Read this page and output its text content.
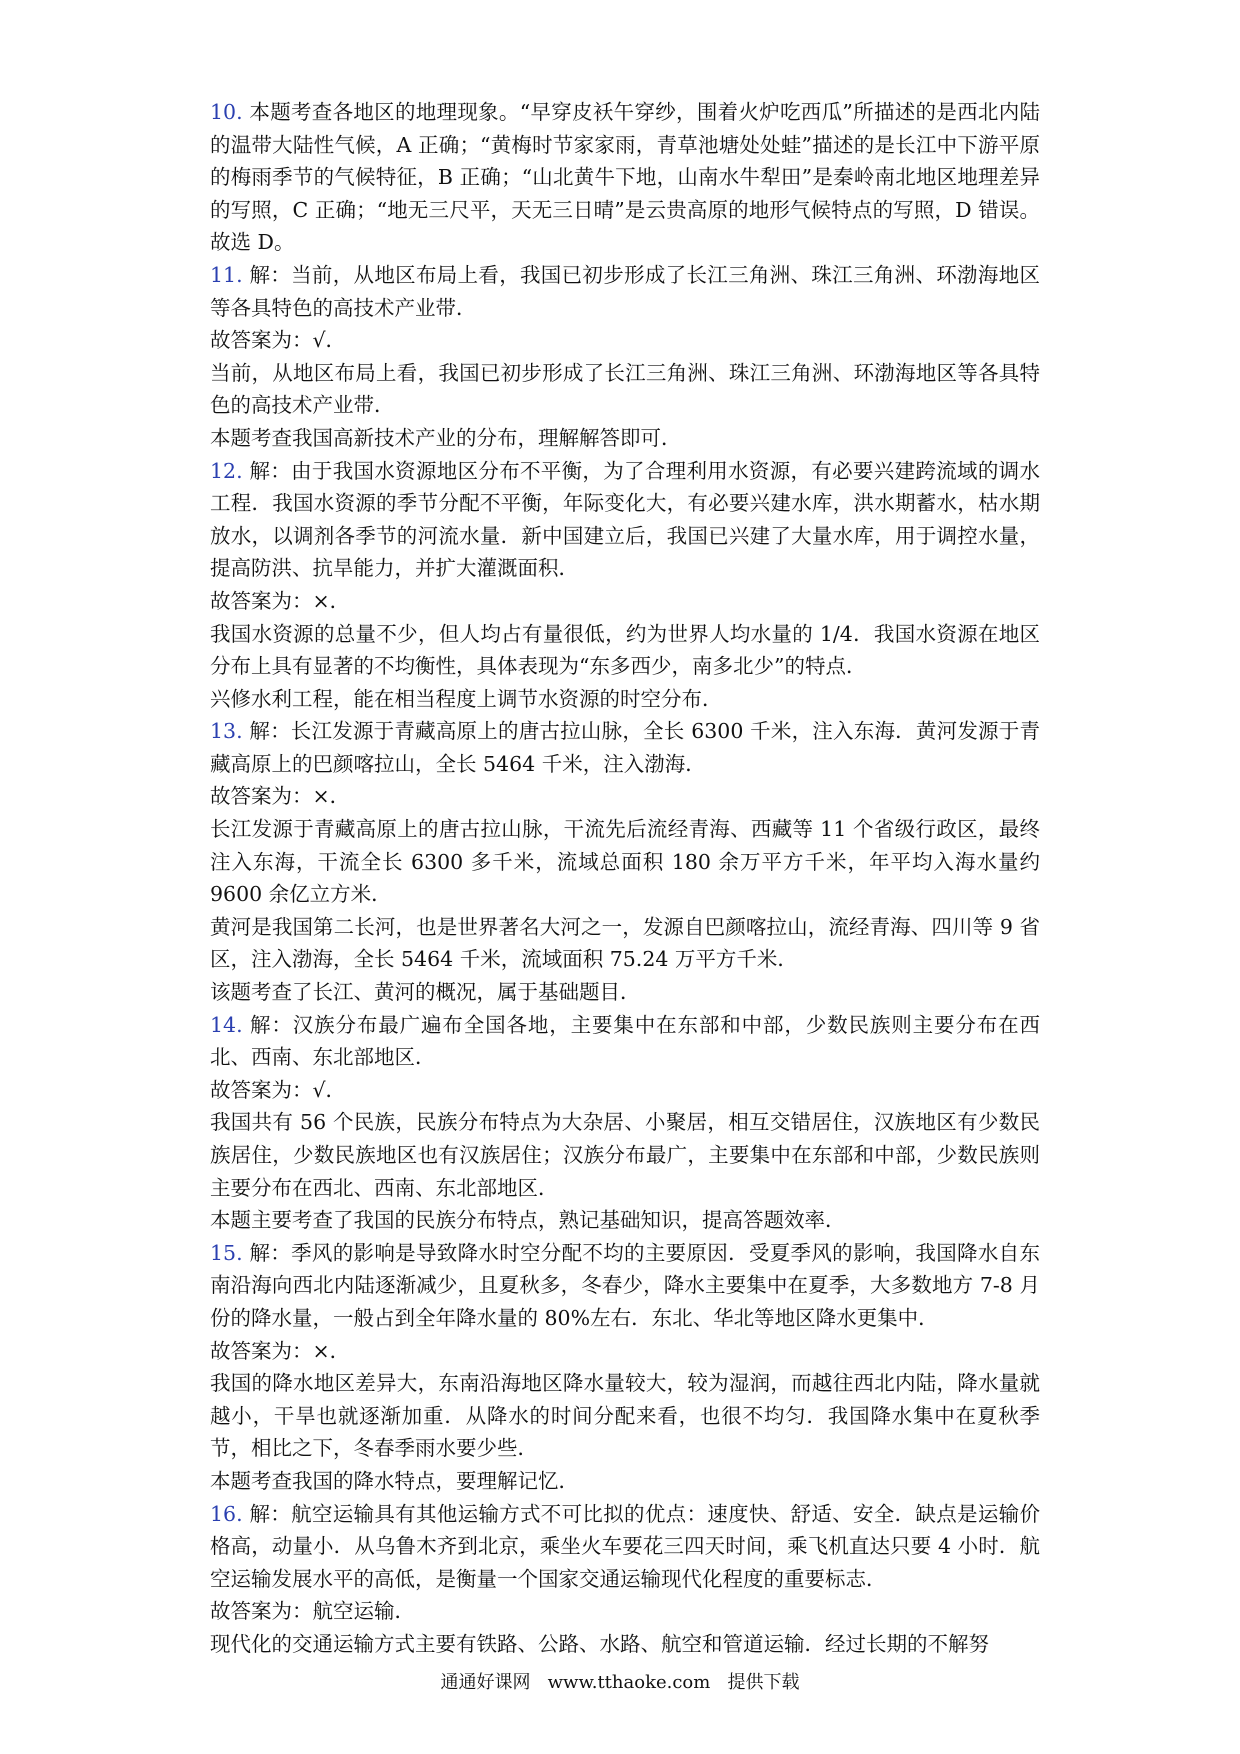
10. 本题考查各地区的地理现象。“早穿皮袄午穿纱，围着火炉吃西瓜”所描述的是西北内陆的温带大陆性气候，A 正确；“黄梅时节家家雨，青草池塘处处蛙”描述的是长江中下游平原的梅雨季节的气候特征，B 正确；“山北黄牛下地，山南水牛犁田”是秦岭南北地区地理差异的写照，C 正确；“地无三尺平，天无三日晴”是云贵高原的地形气候特点的写照，D 错误。故选 D。

11. 解：当前，从地区布局上看，我国已初步形成了长江三角洲、珠江三角洲、环渤海地区等各具特色的高技术产业带．

故答案为：√．

当前，从地区布局上看，我国已初步形成了长江三角洲、珠江三角洲、环渤海地区等各具特色的高技术产业带．

本题考查我国高新技术产业的分布，理解解答即可．

12. 解：由于我国水资源地区分布不平衡，为了合理利用水资源，有必要兴建跨流域的调水工程．我国水资源的季节分配不平衡，年际变化大，有必要兴建水库，洪水期蓄水，枯水期放水，以调剂各季节的河流水量．新中国建立后，我国已兴建了大量水库，用于调控水量，提高防洪、抗旱能力，并扩大灌溉面积．

故答案为：×．

我国水资源的总量不少，但人均占有量很低，约为世界人均水量的 1/4．我国水资源在地区分布上具有显著的不均衡性，具体表现为“东多西少，南多北少”的特点．

兴修水利工程，能在相当程度上调节水资源的时空分布．

13. 解：长江发源于青藏高原上的唐古拉山脉，全长 6300 千米，注入东海．黄河发源于青藏高原上的巴颜喀拉山，全长 5464 千米，注入渤海．

故答案为：×．

长江发源于青藏高原上的唐古拉山脉，干流先后流经青海、西藏等 11 个省级行政区，最终注入东海，干流全长 6300 多千米，流域总面积 180 余万平方千米，年平均入海水量约 9600 余亿立方米．

黄河是我国第二长河，也是世界著名大河之一，发源自巴颜喀拉山，流经青海、四川等 9 省区，注入渤海，全长 5464 千米，流域面积 75.24 万平方千米．

该题考查了长江、黄河的概况，属于基础题目．

14. 解：汉族分布最广遍布全国各地，主要集中在东部和中部，少数民族则主要分布在西北、西南、东北部地区．

故答案为：√．

我国共有 56 个民族，民族分布特点为大杂居、小聚居，相互交错居住，汉族地区有少数民族居住，少数民族地区也有汉族居住；汉族分布最广，主要集中在东部和中部，少数民族则主要分布在西北、西南、东北部地区．

本题主要考查了我国的民族分布特点，熟记基础知识，提高答题效率．

15. 解：季风的影响是导致降水时空分配不均的主要原因．受夏季风的影响，我国降水自东南沿海向西北内陆逐渐减少，且夏秋多，冬春少，降水主要集中在夏季，大多数地方 7-8 月份的降水量，一般占到全年降水量的 80%左右．东北、华北等地区降水更集中．

故答案为：×．

我国的降水地区差异大，东南沿海地区降水量较大，较为湿润，而越往西北内陆，降水量就越小，干旱也就逐渐加重．从降水的时间分配来看，也很不均匀．我国降水集中在夏秋季节，相比之下，冬春季雨水要少些．

本题考查我国的降水特点，要理解记忆．

16. 解：航空运输具有其他运输方式不可比拟的优点：速度快、舒适、安全．缺点是运输价格高，动量小．从乌鲁木齐到北京，乘坐火车要花三四天时间，乘飞机直达只要 4 小时．航空运输发展水平的高低，是衡量一个国家交通运输现代化程度的重要标志．

故答案为：航空运输．

现代化的交通运输方式主要有铁路、公路、水路、航空和管道运输．经过长期的不解努

通通好课网   www.tthaoke.com   提供下载
